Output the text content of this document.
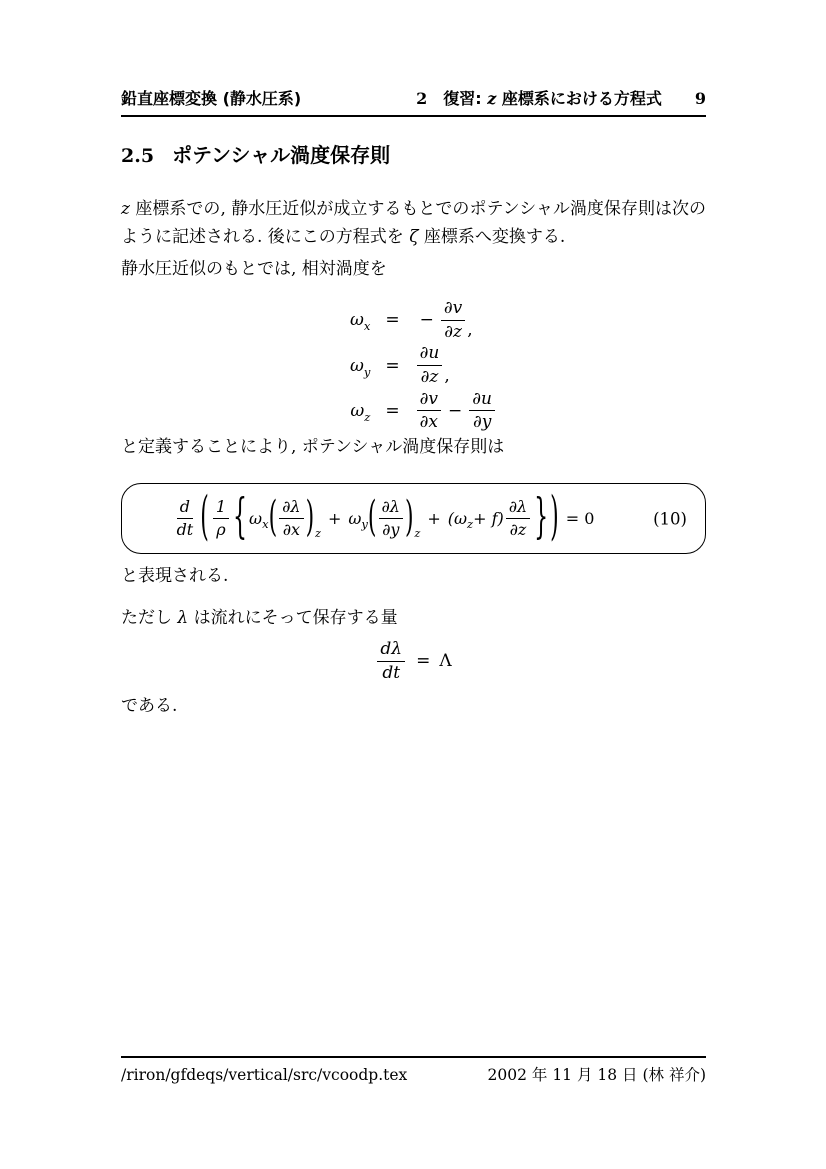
鉛直座標変換 (静水圧系)	2 復習: z 座標系における方程式 9
2.5 ポテンシャル渦度保存則
z 座標系での, 静水圧近似が成立するもとでのポテンシャル渦度保存則は次のように記述される. 後にこの方程式を ζ 座標系へ変換する.
静水圧近似のもとでは, 相対渦度を
ω x = − $\frac{\partial v}{\partial z}$ ,
ω $y = \frac{\partial u}{\partial z}$ ,
ω $z = \frac{\partial v}{\partial x} - \frac{\partial u}{\partial y}$
と定義することにより, ポテンシャル渦度保存則は
$\frac{d}{dt}$ ( $\frac{1}{\rho}$ { ω x ( $\frac{\partial\lambda}{\partial x}$ ) z
+ ω y ( $\frac{\partial\lambda}{\partial y}$ ) z
+ (ω $z + f) \frac{\partial\lambda}{\partial z}$ } ) = 0	(10)
と表現される.
ただし λ は流れにそって保存する量
$\frac{d\lambda}{dt} = \Lambda$
である.
/riron/gfdeqs/vertical/src/vcoodp.tex	2002 年 11 月 18 日 (林 祥介)
